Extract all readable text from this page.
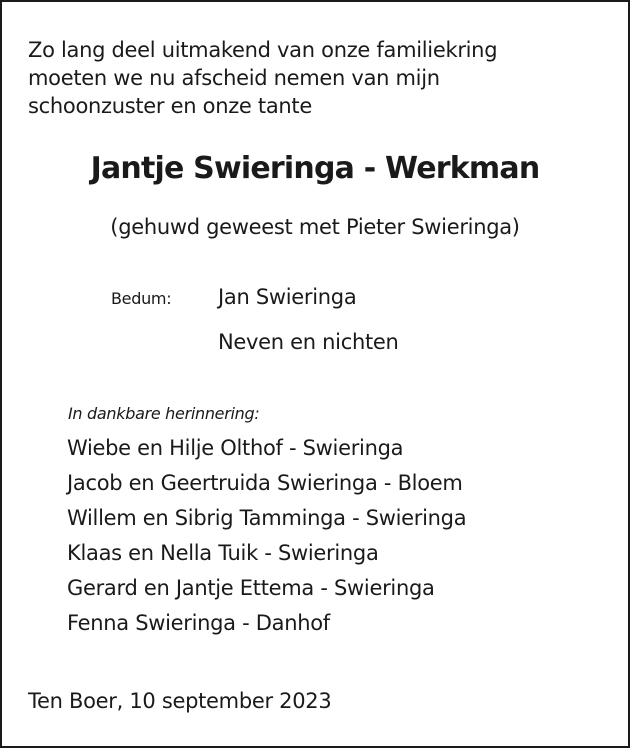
Zo lang deel uitmakend van onze familiekring
moeten we nu afscheid nemen van mijn
schoonzuster en onze tante
Jantje Swieringa - Werkman
(gehuwd geweest met Pieter Swieringa)
Bedum: Jan Swieringa
Neven en nichten
In dankbare herinnering:
Wiebe en Hilje Olthof - Swieringa
Jacob en Geertruida Swieringa - Bloem
Willem en Sibrig Tamminga - Swieringa
Klaas en Nella Tuik - Swieringa
Gerard en Jantje Ettema - Swieringa
Fenna Swieringa - Danhof
Ten Boer, 10 september 2023
